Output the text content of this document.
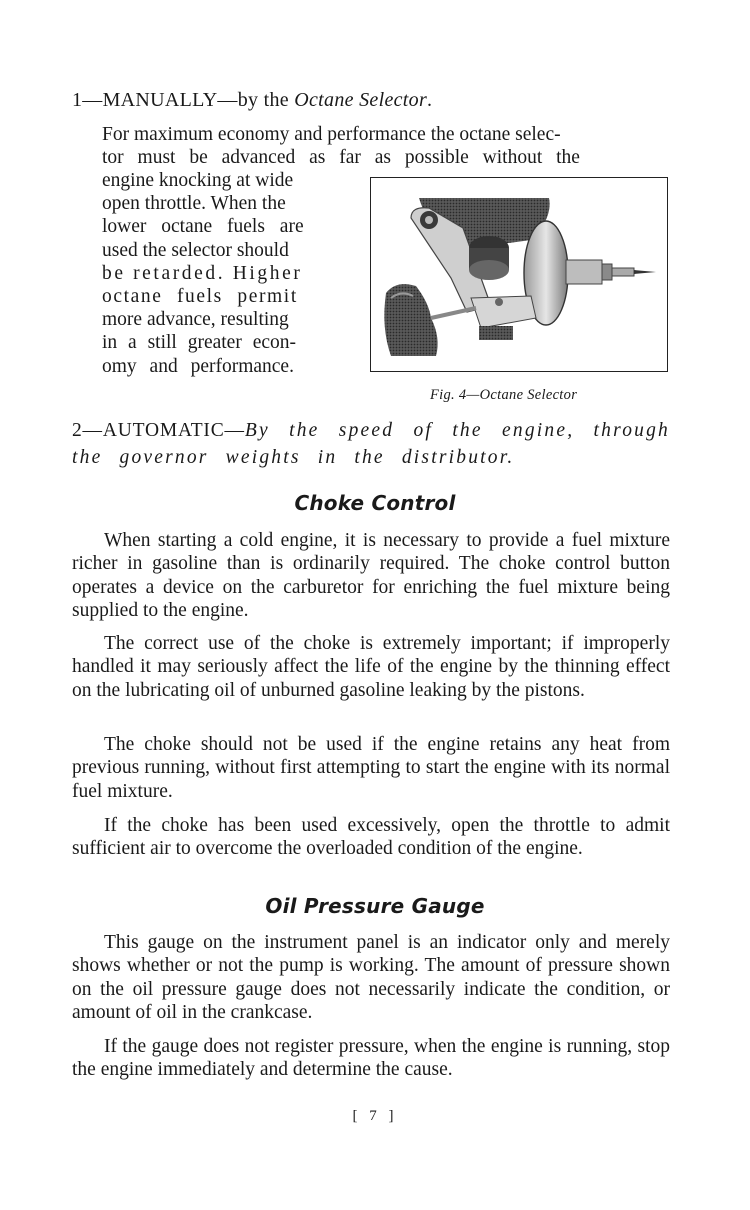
1—MANUALLY—by the Octane Selector.
For maximum economy and performance the octane selec-
tor must be advanced as far as possible without the
engine knocking at wide
open throttle. When the
lower octane fuels are
used the selector should
be retarded. Higher
octane fuels permit
more advance, resulting
in a still greater econ-
omy and performance.
Fig. 4—Octane Selector
2—AUTOMATIC— By the speed of the engine, through
the governor weights in the distributor.
Choke Control
When starting a cold engine, it is necessary to provide a fuel mixture richer in gasoline than is ordinarily required. The choke control button operates a device on the carburetor for enriching the fuel mixture being supplied to the engine.
The correct use of the choke is extremely important; if improperly handled it may seriously affect the life of the engine by the thinning effect on the lubricating oil of unburned gasoline leaking by the pistons.
The choke should not be used if the engine retains any heat from previous running, without first attempting to start the engine with its normal fuel mixture.
If the choke has been used excessively, open the throttle to admit sufficient air to overcome the overloaded condition of the engine.
Oil Pressure Gauge
This gauge on the instrument panel is an indicator only and merely shows whether or not the pump is working. The amount of pressure shown on the oil pressure gauge does not necessarily indicate the condition, or amount of oil in the crankcase.
If the gauge does not register pressure, when the engine is running, stop the engine immediately and determine the cause.
[ 7 ]
